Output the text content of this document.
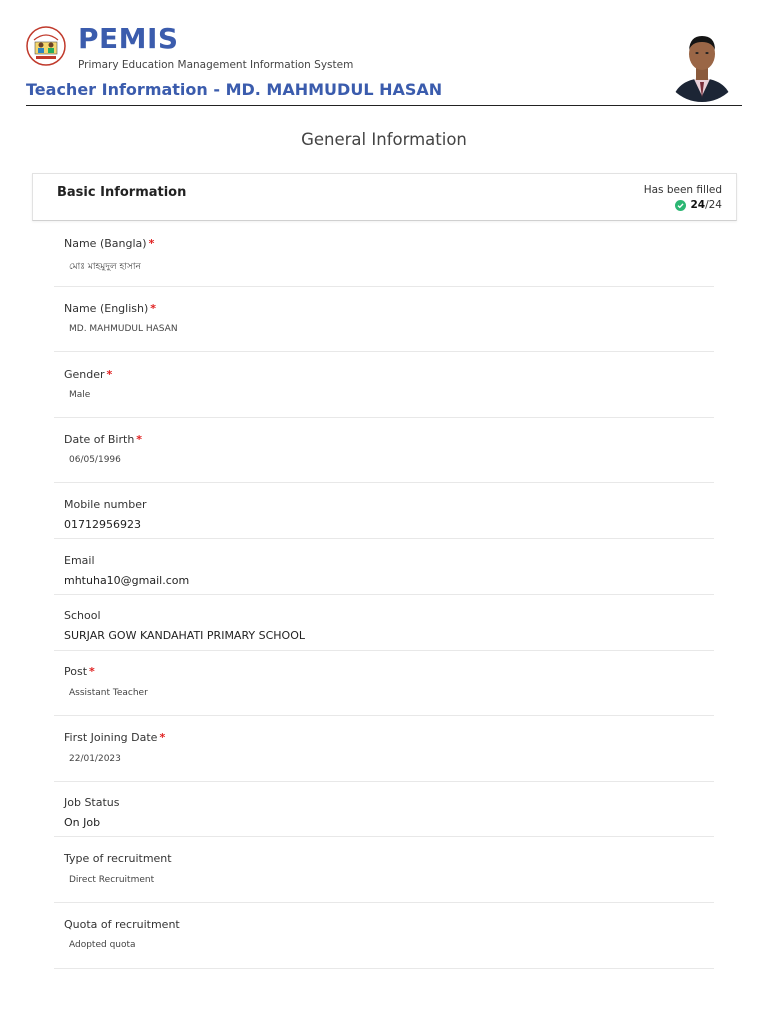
PEMIS
Primary Education Management Information System
Teacher Information - MD. MAHMUDUL HASAN
General Information
Basic Information	Has been filled
24/24
Name (Bangla) *
মোঃ মাহমুদুল হাসান
Name (English) *
MD. MAHMUDUL HASAN
Gender *
Male
Date of Birth *
06/05/1996
Mobile number
01712956923
Email
mhtuha10@gmail.com
School
SURJAR GOW KANDAHATI PRIMARY SCHOOL
Post *
Assistant Teacher
First Joining Date *
22/01/2023
Job Status
On Job
Type of recruitment
Direct Recruitment
Quota of recruitment
Adopted quota
